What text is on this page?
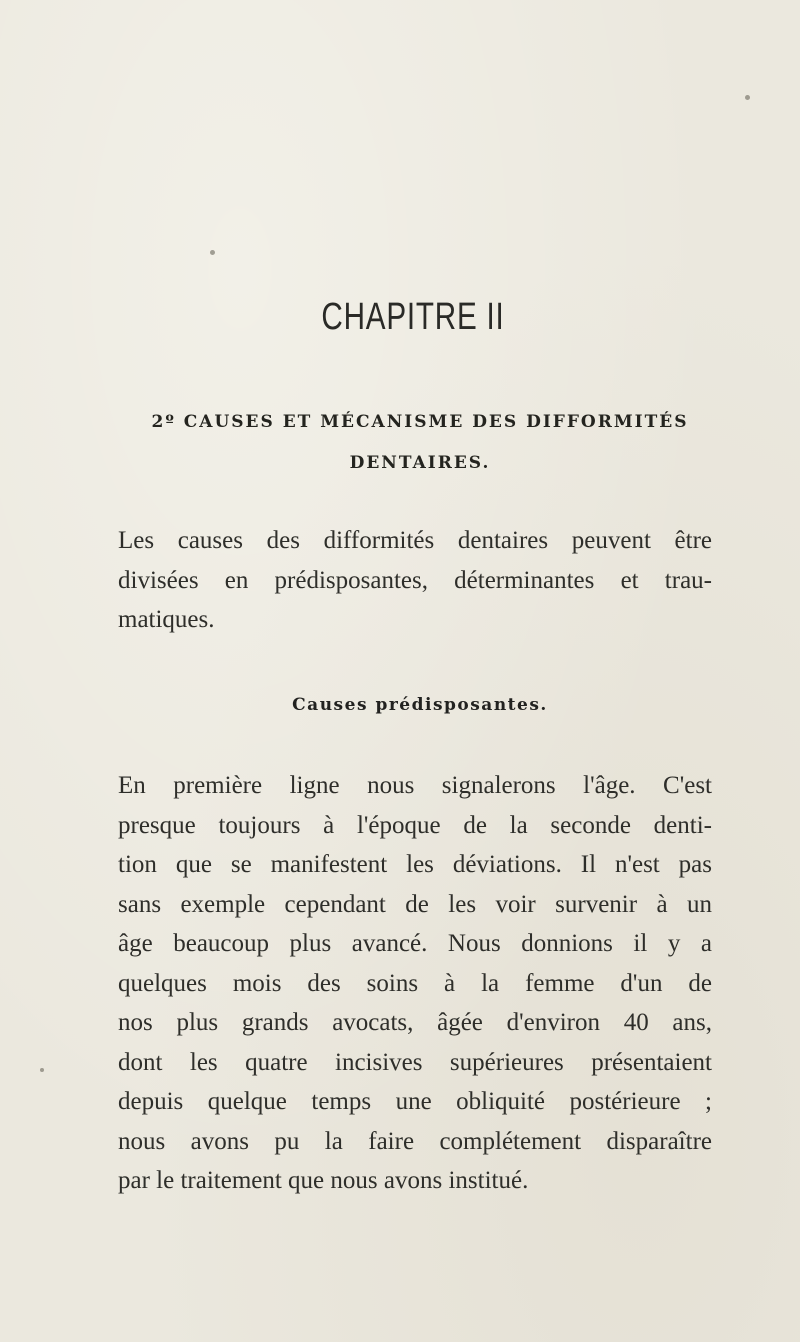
CHAPITRE II
2º CAUSES ET MÉCANISME DES DIFFORMITÉS
DENTAIRES.
Les causes des difformités dentaires peuvent être
divisées en prédisposantes, déterminantes et trau-
matiques.
Causes prédisposantes.
En première ligne nous signalerons l'âge. C'est
presque toujours à l'époque de la seconde denti-
tion que se manifestent les déviations. Il n'est pas
sans exemple cependant de les voir survenir à un
âge beaucoup plus avancé. Nous donnions il y a
quelques mois des soins à la femme d'un de
nos plus grands avocats, âgée d'environ 40 ans,
dont les quatre incisives supérieures présentaient
depuis quelque temps une obliquité postérieure ;
nous avons pu la faire complétement disparaître
par le traitement que nous avons institué.
